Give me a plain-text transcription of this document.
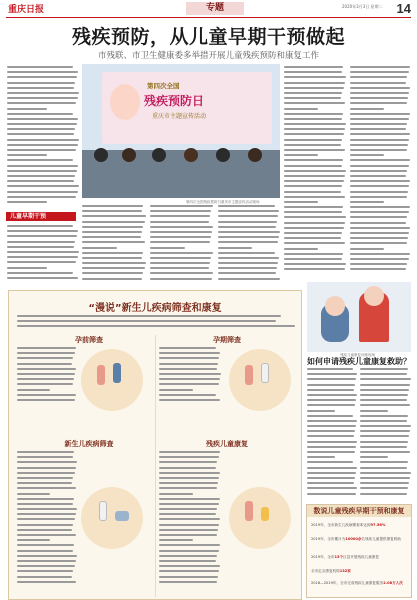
重庆日报	专题	2020年3月3日 星期二	14
残疾预防，从儿童早期干预做起
市残联、市卫生健康委多举措开展儿童残疾预防和康复工作
第四次全国
残疾预防日
重庆市主题宣传活动
第四次全国残疾预防日重庆市主题宣传活动现场
儿童早期干预
“漫说”新生儿疾病筛查和康复
孕前筛查	孕期筛查
新生儿疾病筛查	残疾儿童康复
残疾儿童康复训练现场
如何申请残疾儿童康复救助？
数说儿童残疾早期干预和康复
2019年，全市新生儿疾病筛查率达到97.56%
2019年，全市累计为10000余名残疾儿童提供康复救助
2019年，全市15个区县开展残疾儿童康复
全市定点康复机构132家
2018—2019年，全市完成残疾儿童康复服务2.08万人次
